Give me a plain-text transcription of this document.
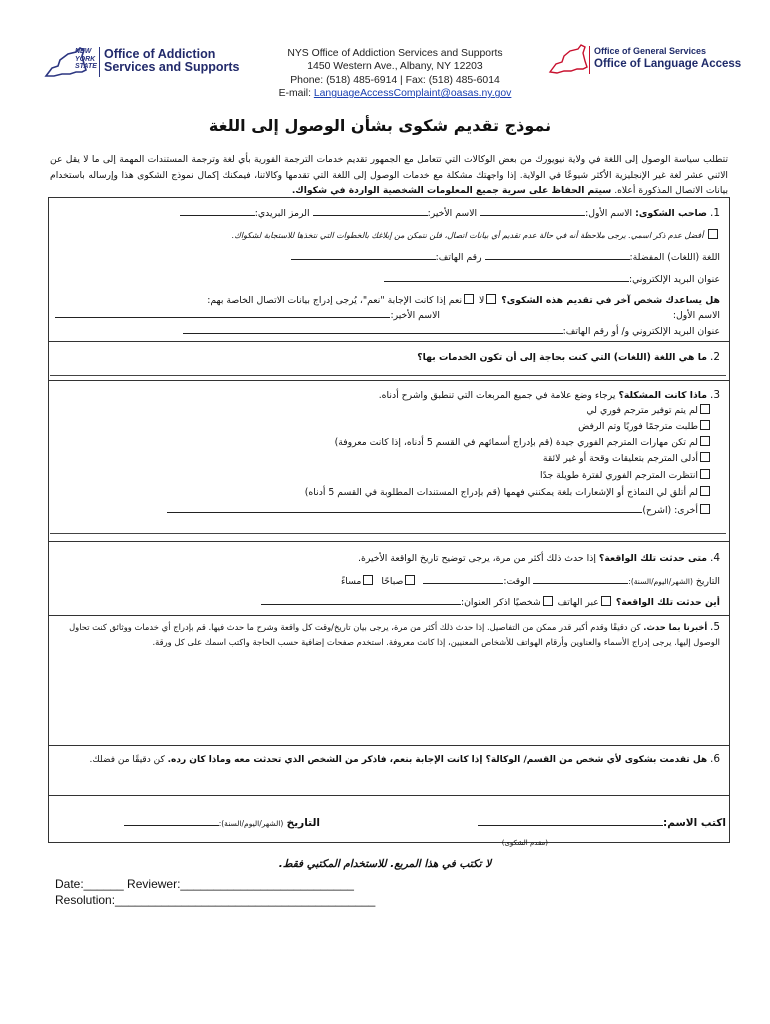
NEW
YORK
STATE
Office of Addiction
Services and Supports
NYS Office of Addiction Services and Supports
1450 Western Ave., Albany, NY 12203
Phone: (518) 485-6914 | Fax: (518) 485-6014
E-mail: LanguageAccessComplaint@oasas.ny.gov
Office of General Services
Office of Language Access
نموذج تقديم شكوى بشأن الوصول إلى اللغة
تتطلب سياسة الوصول إلى اللغة في ولاية نيويورك من بعض الوكالات التي تتعامل مع الجمهور تقديم خدمات الترجمة الفورية بأي لغة وترجمة المستندات المهمة إلى ما لا يقل عن الاثني عشر لغة غير الإنجليزية الأكثر شيوعًا في الولاية. إذا واجهتك مشكلة مع خدمات الوصول إلى اللغة التي تقدمها وكالاتنا، فيمكنك إكمال نموذج الشكوى هذا وإرساله باستخدام بيانات الاتصال المذكورة أعلاه. سيتم الحفاظ على سرية جميع المعلومات الشخصية الواردة في شكواك.
1. صاحب الشكوى: الاسم الأول: الاسم الأخير: الرمز البريدي:
أفضل عدم ذكر اسمي. يرجى ملاحظة أنه في حالة عدم تقديم أي بيانات اتصال، فلن نتمكن من إبلاغك بالخطوات التي نتخذها للاستجابة لشكواك.
اللغة (اللغات) المفضلة: رقم الهاتف:
عنوان البريد الإلكتروني:
هل يساعدك شخص آخر في تقديم هذه الشكوى؟ لا نعم إذا كانت الإجابة "نعم"، يُرجى إدراج بيانات الاتصال الخاصة بهم:
الاسم الأول:
الاسم الأخير:
عنوان البريد الإلكتروني و/ أو رقم الهاتف:
2. ما هي اللغة (اللغات) التي كنت بحاجة إلى أن تكون الخدمات بها؟
3. ماذا كانت المشكلة؟ يرجاء وضع علامة في جميع المربعات التي تنطبق واشرح أدناه.
لم يتم توفير مترجم فوري لي
طلبت مترجمًا فوريًا وتم الرفض
لم تكن مهارات المترجم الفوري جيدة (قم بإدراج أسمائهم في القسم 5 أدناه، إذا كانت معروفة)
أدلى المترجم بتعليقات وقحة أو غير لائقة
انتظرت المترجم الفوري لفترة طويلة جدًا
لم أتلق لي النماذج أو الإشعارات بلغة يمكنني فهمها (قم بإدراج المستندات المطلوبة في القسم 5 أدناه)
أخرى: (اشرح)
4. متى حدثت تلك الواقعة؟ إذا حدث ذلك أكثر من مرة، يرجى توضيح تاريخ الواقعة الأخيرة.
التاريخ (الشهر/اليوم/السنة): الوقت:  صباحًا  مساءً
أين حدثت تلك الواقعة؟ عبر الهاتف شخصيًا اذكر العنوان:
5. أخبرنا بما حدث. كن دقيقًا وقدم أكبر قدر ممكن من التفاصيل. إذا حدث ذلك أكثر من مرة، يرجى بيان تاريخ/وقت كل واقعة وشرح ما حدث فيها. قم بإدراج أي خدمات ووثائق كنت تحاول الوصول إليها. يرجى إدراج الأسماء والعناوين وأرقام الهواتف للأشخاص المعنيين، إذا كانت معروفة. استخدم صفحات إضافية حسب الحاجة واكتب اسمك على كل ورقة.
6. هل تقدمت بشكوى لأي شخص من القسم/ الوكالة؟ إذا كانت الإجابة بنعم، فاذكر من الشخص الذي تحدثت معه وماذا كان رده. كن دقيقًا من فضلك.
اكتب الاسم:
التاريخ (الشهر/اليوم/السنة):
(مقدم الشكوى)
لا تكتب في هذا المربع. للاستخدام المكتبي فقط.
Date:______ Reviewer:__________________________
Resolution:_______________________________________
